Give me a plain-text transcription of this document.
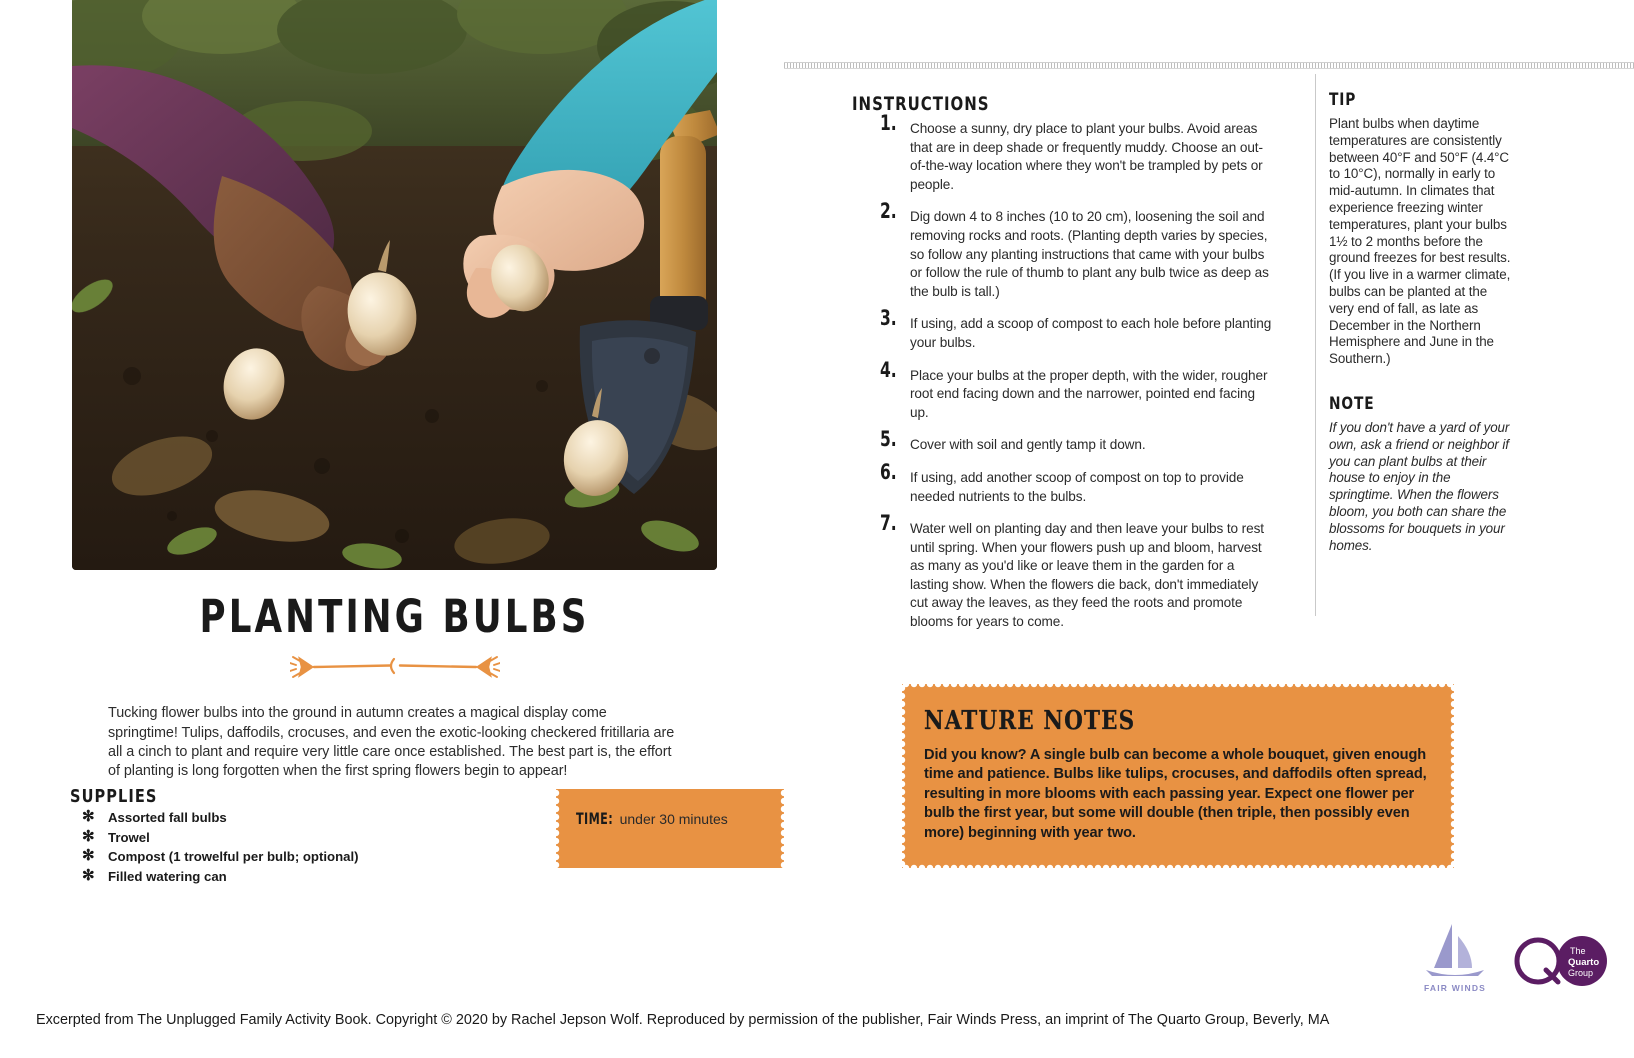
PLANTING BULBS

Tucking flower bulbs into the ground in autumn creates a magical display come springtime! Tulips, daffodils, crocuses, and even the exotic-looking checkered fritillaria are all a cinch to plant and require very little care once established. The best part is, the effort of planting is long forgotten when the first spring flowers begin to appear!

SUPPLIES
✻ Assorted fall bulbs
✻ Trowel
✻ Compost (1 trowelful per bulb; optional)
✻ Filled watering can
TIME: under 30 minutes
INSTRUCTIONS
1. Choose a sunny, dry place to plant your bulbs. Avoid areas that are in deep shade or frequently muddy. Choose an out-of-the-way location where they won't be trampled by pets or people.
2. Dig down 4 to 8 inches (10 to 20 cm), loosening the soil and removing rocks and roots. (Planting depth varies by species, so follow any planting instructions that came with your bulbs or follow the rule of thumb to plant any bulb twice as deep as the bulb is tall.)
3. If using, add a scoop of compost to each hole before planting your bulbs.
4. Place your bulbs at the proper depth, with the wider, rougher root end facing down and the narrower, pointed end facing up.
5. Cover with soil and gently tamp it down.
6. If using, add another scoop of compost on top to provide needed nutrients to the bulbs.
7. Water well on planting day and then leave your bulbs to rest until spring. When your flowers push up and bloom, harvest as many as you'd like or leave them in the garden for a lasting show. When the flowers die back, don't immediately cut away the leaves, as they feed the roots and promote blooms for years to come.
TIP
Plant bulbs when daytime temperatures are consistently between 40°F and 50°F (4.4°C to 10°C), normally in early to mid-autumn. In climates that experience freezing winter temperatures, plant your bulbs 1½ to 2 months before the ground freezes for best results. (If you live in a warmer climate, bulbs can be planted at the very end of fall, as late as December in the Northern Hemisphere and June in the Southern.)
NOTE
If you don't have a yard of your own, ask a friend or neighbor if you can plant bulbs at their house to enjoy in the springtime. When the flowers bloom, you both can share the blossoms for bouquets in your homes.
NATURE NOTES
Did you know? A single bulb can become a whole bouquet, given enough time and patience. Bulbs like tulips, crocuses, and daffodils often spread, resulting in more blooms with each passing year. Expect one flower per bulb the first year, but some will double (then triple, then possibly even more) beginning with year two.
Excerpted from The Unplugged Family Activity Book. Copyright © 2020 by Rachel Jepson Wolf. Reproduced by permission of the publisher, Fair Winds Press, an imprint of The Quarto Group, Beverly, MA
FAIR WINDS
The
Quarto
Group
